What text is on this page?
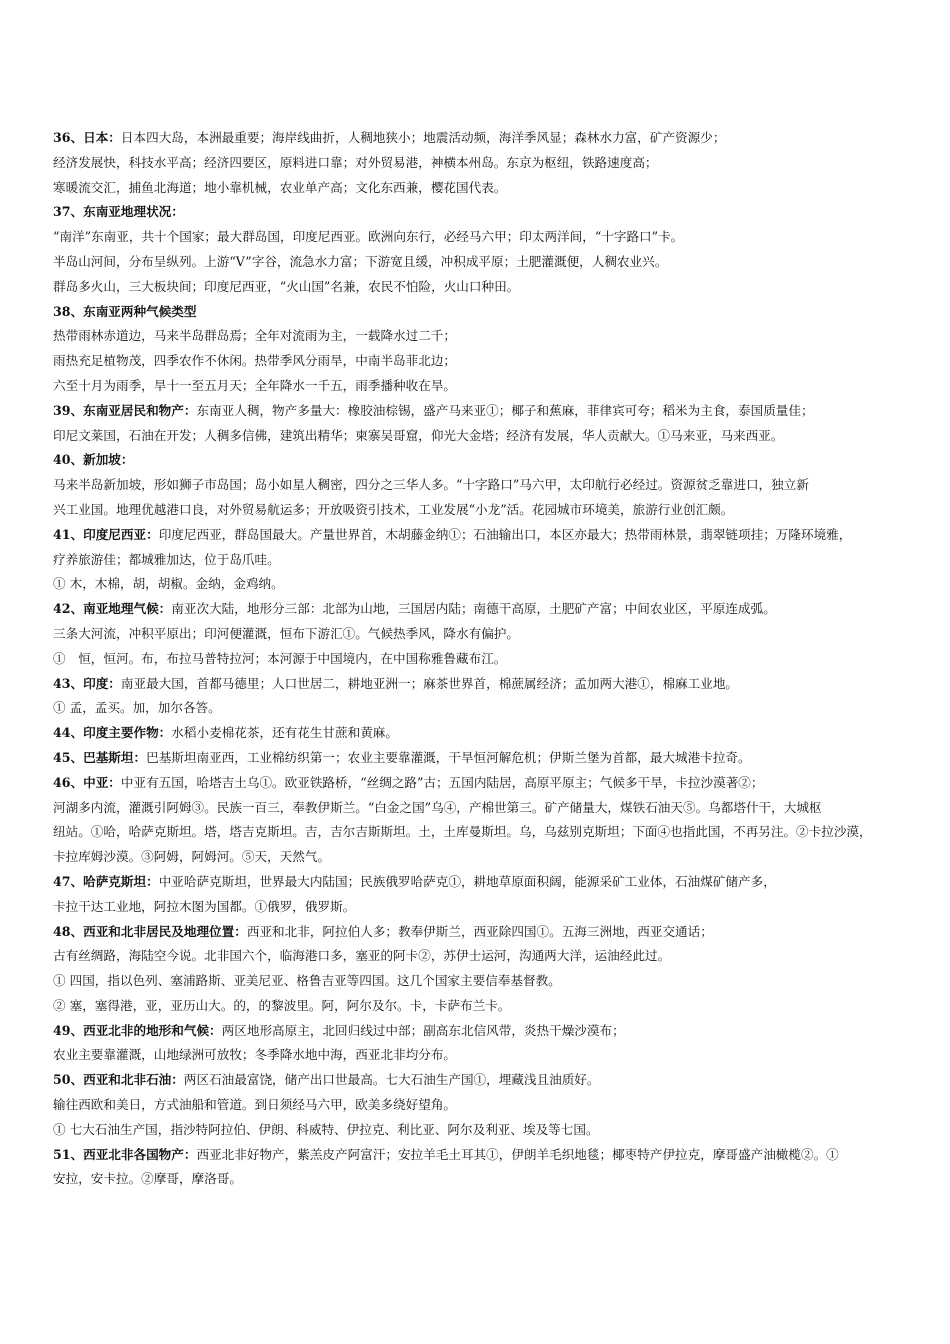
36、日本：日本四大岛，本洲最重要；海岸线曲折，人稠地狭小；地震活动频，海洋季风显；森林水力富，矿产资源少；
经济发展快，科技水平高；经济四要区，原料进口靠；对外贸易港，神横本州岛。东京为枢纽，铁路速度高；
寒暖流交汇，捕鱼北海道；地小靠机械，农业单产高；文化东西兼，樱花国代表。
37、东南亚地理状况：
“南洋”东南亚，共十个国家；最大群岛国，印度尼西亚。欧洲向东行，必经马六甲；印太两洋间，“十字路口”卡。
半岛山河间，分布呈纵列。上游“V”字谷，流急水力富；下游宽且缓，冲积成平原；土肥灌溉便，人稠农业兴。
群岛多火山，三大板块间；印度尼西亚，“火山国”名兼，农民不怕险，火山口种田。
38、东南亚两种气候类型
热带雨林赤道边，马来半岛群岛焉；全年对流雨为主，一载降水过二千；
雨热充足植物茂，四季农作不休闲。热带季风分雨旱，中南半岛菲北边；
六至十月为雨季，旱十一至五月天；全年降水一千五，雨季播种收在旱。
39、东南亚居民和物产：东南亚人稠，物产多量大：橡胶油棕锡，盛产马来亚①；椰子和蕉麻，菲律宾可夸；稻米为主食，泰国质量佳；
印尼文莱国，石油在开发；人稠多信佛，建筑出精华；柬寨吴哥窟，仰光大金塔；经济有发展，华人贡献大。①马来亚，马来西亚。
40、新加坡：
马来半岛新加坡，形如狮子市岛国；岛小如星人稠密，四分之三华人多。“十字路口”马六甲，太印航行必经过。资源贫乏靠进口，独立新
兴工业国。地理优越港口良，对外贸易航运多；开放吸资引技术，工业发展“小龙”活。花园城市环境美，旅游行业创汇颇。
41、印度尼西亚：印度尼西亚，群岛国最大。产量世界首，木胡藤金纳①；石油输出口，本区亦最大；热带雨林景，翡翠链项挂；万隆环境雅，
疗养旅游佳；都城雅加达，位于岛爪哇。
① 木，木棉，胡，胡椒。金纳，金鸡纳。
42、南亚地理气候：南亚次大陆，地形分三部：北部为山地，三国居内陆；南德干高原，土肥矿产富；中间农业区，平原连成弧。
三条大河流，冲积平原出；印河便灌溉，恒布下游汇①。气候热季风，降水有偏护。
①　恒，恒河。布，布拉马普特拉河；本河源于中国境内，在中国称雅鲁藏布江。
43、印度：南亚最大国，首都马德里；人口世居二，耕地亚洲一；麻茶世界首，棉蔗属经济；孟加两大港①，棉麻工业地。
① 孟，孟买。加，加尔各答。
44、印度主要作物：水稻小麦棉花茶，还有花生甘蔗和黄麻。
45、巴基斯坦：巴基斯坦南亚西，工业棉纺织第一；农业主要靠灌溉，干旱恒河解危机；伊斯兰堡为首都，最大城港卡拉奇。
46、中亚：中亚有五国，哈塔吉土乌①。欧亚铁路桥，“丝绸之路”古；五国内陆居，高原平原主；气候多干旱，卡拉沙漠著②；
河湖多内流，灌溉引阿姆③。民族一百三，奉教伊斯兰。“白金之国”乌④，产棉世第三。矿产储量大，煤铁石油天⑤。乌都塔什干，大城枢
纽站。①哈，哈萨克斯坦。塔，塔吉克斯坦。吉，吉尔吉斯斯坦。土，土库曼斯坦。乌，乌兹别克斯坦；下面④也指此国，不再另注。②卡拉沙漠，
卡拉库姆沙漠。③阿姆，阿姆河。⑤天，天然气。
47、哈萨克斯坦：中亚哈萨克斯坦，世界最大内陆国；民族俄罗哈萨克①，耕地草原面积阔，能源采矿工业体，石油煤矿储产多，
卡拉干达工业地，阿拉木图为国都。①俄罗，俄罗斯。
48、西亚和北非居民及地理位置：西亚和北非，阿拉伯人多；教奉伊斯兰，西亚除四国①。五海三洲地，西亚交通话；
古有丝绸路，海陆空今说。北非国六个，临海港口多，塞亚的阿卡②，苏伊士运河，沟通两大洋，运油经此过。
① 四国，指以色列、塞浦路斯、亚美尼亚、格鲁吉亚等四国。这几个国家主要信奉基督教。
② 塞，塞得港，亚，亚历山大。的，的黎波里。阿，阿尔及尔。卡，卡萨布兰卡。
49、西亚北非的地形和气候：两区地形高原主，北回归线过中部；副高东北信风带，炎热干燥沙漠布；
农业主要靠灌溉，山地绿洲可放牧；冬季降水地中海，西亚北非均分布。
50、西亚和北非石油：两区石油最富饶，储产出口世最高。七大石油生产国①，埋藏浅且油质好。
输往西欧和美日，方式油船和管道。到日须经马六甲，欧美多绕好望角。
① 七大石油生产国，指沙特阿拉伯、伊朗、科威特、伊拉克、利比亚、阿尔及利亚、埃及等七国。
51、西亚北非各国物产：西亚北非好物产，紫羔皮产阿富汗；安拉羊毛土耳其①，伊朗羊毛织地毯；椰枣特产伊拉克，摩哥盛产油橄榄②。①
安拉，安卡拉。②摩哥，摩洛哥。
